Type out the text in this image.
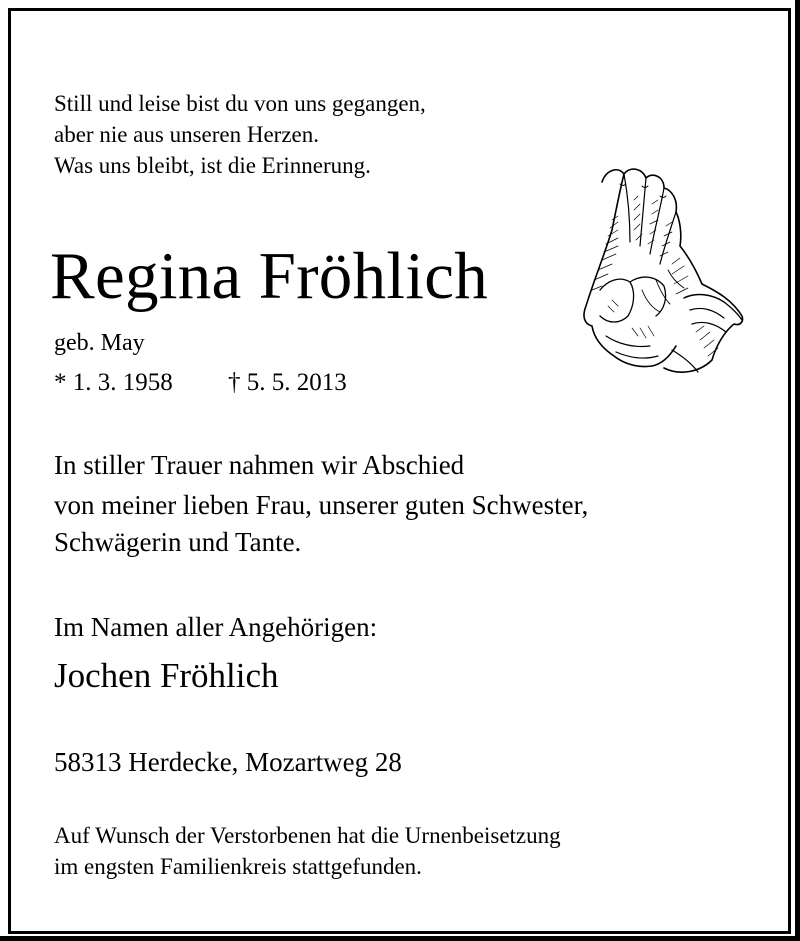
Still und leise bist du von uns gegangen,
aber nie aus unseren Herzen.
Was uns bleibt, ist die Erinnerung.
Regina Fröhlich
geb. May
* 1. 3. 1958 † 5. 5. 2013
In stiller Trauer nahmen wir Abschied
von meiner lieben Frau, unserer guten Schwester,
Schwägerin und Tante.
Im Namen aller Angehörigen:
Jochen Fröhlich
58313 Herdecke, Mozartweg 28
Auf Wunsch der Verstorbenen hat die Urnenbeisetzung
im engsten Familienkreis stattgefunden.
